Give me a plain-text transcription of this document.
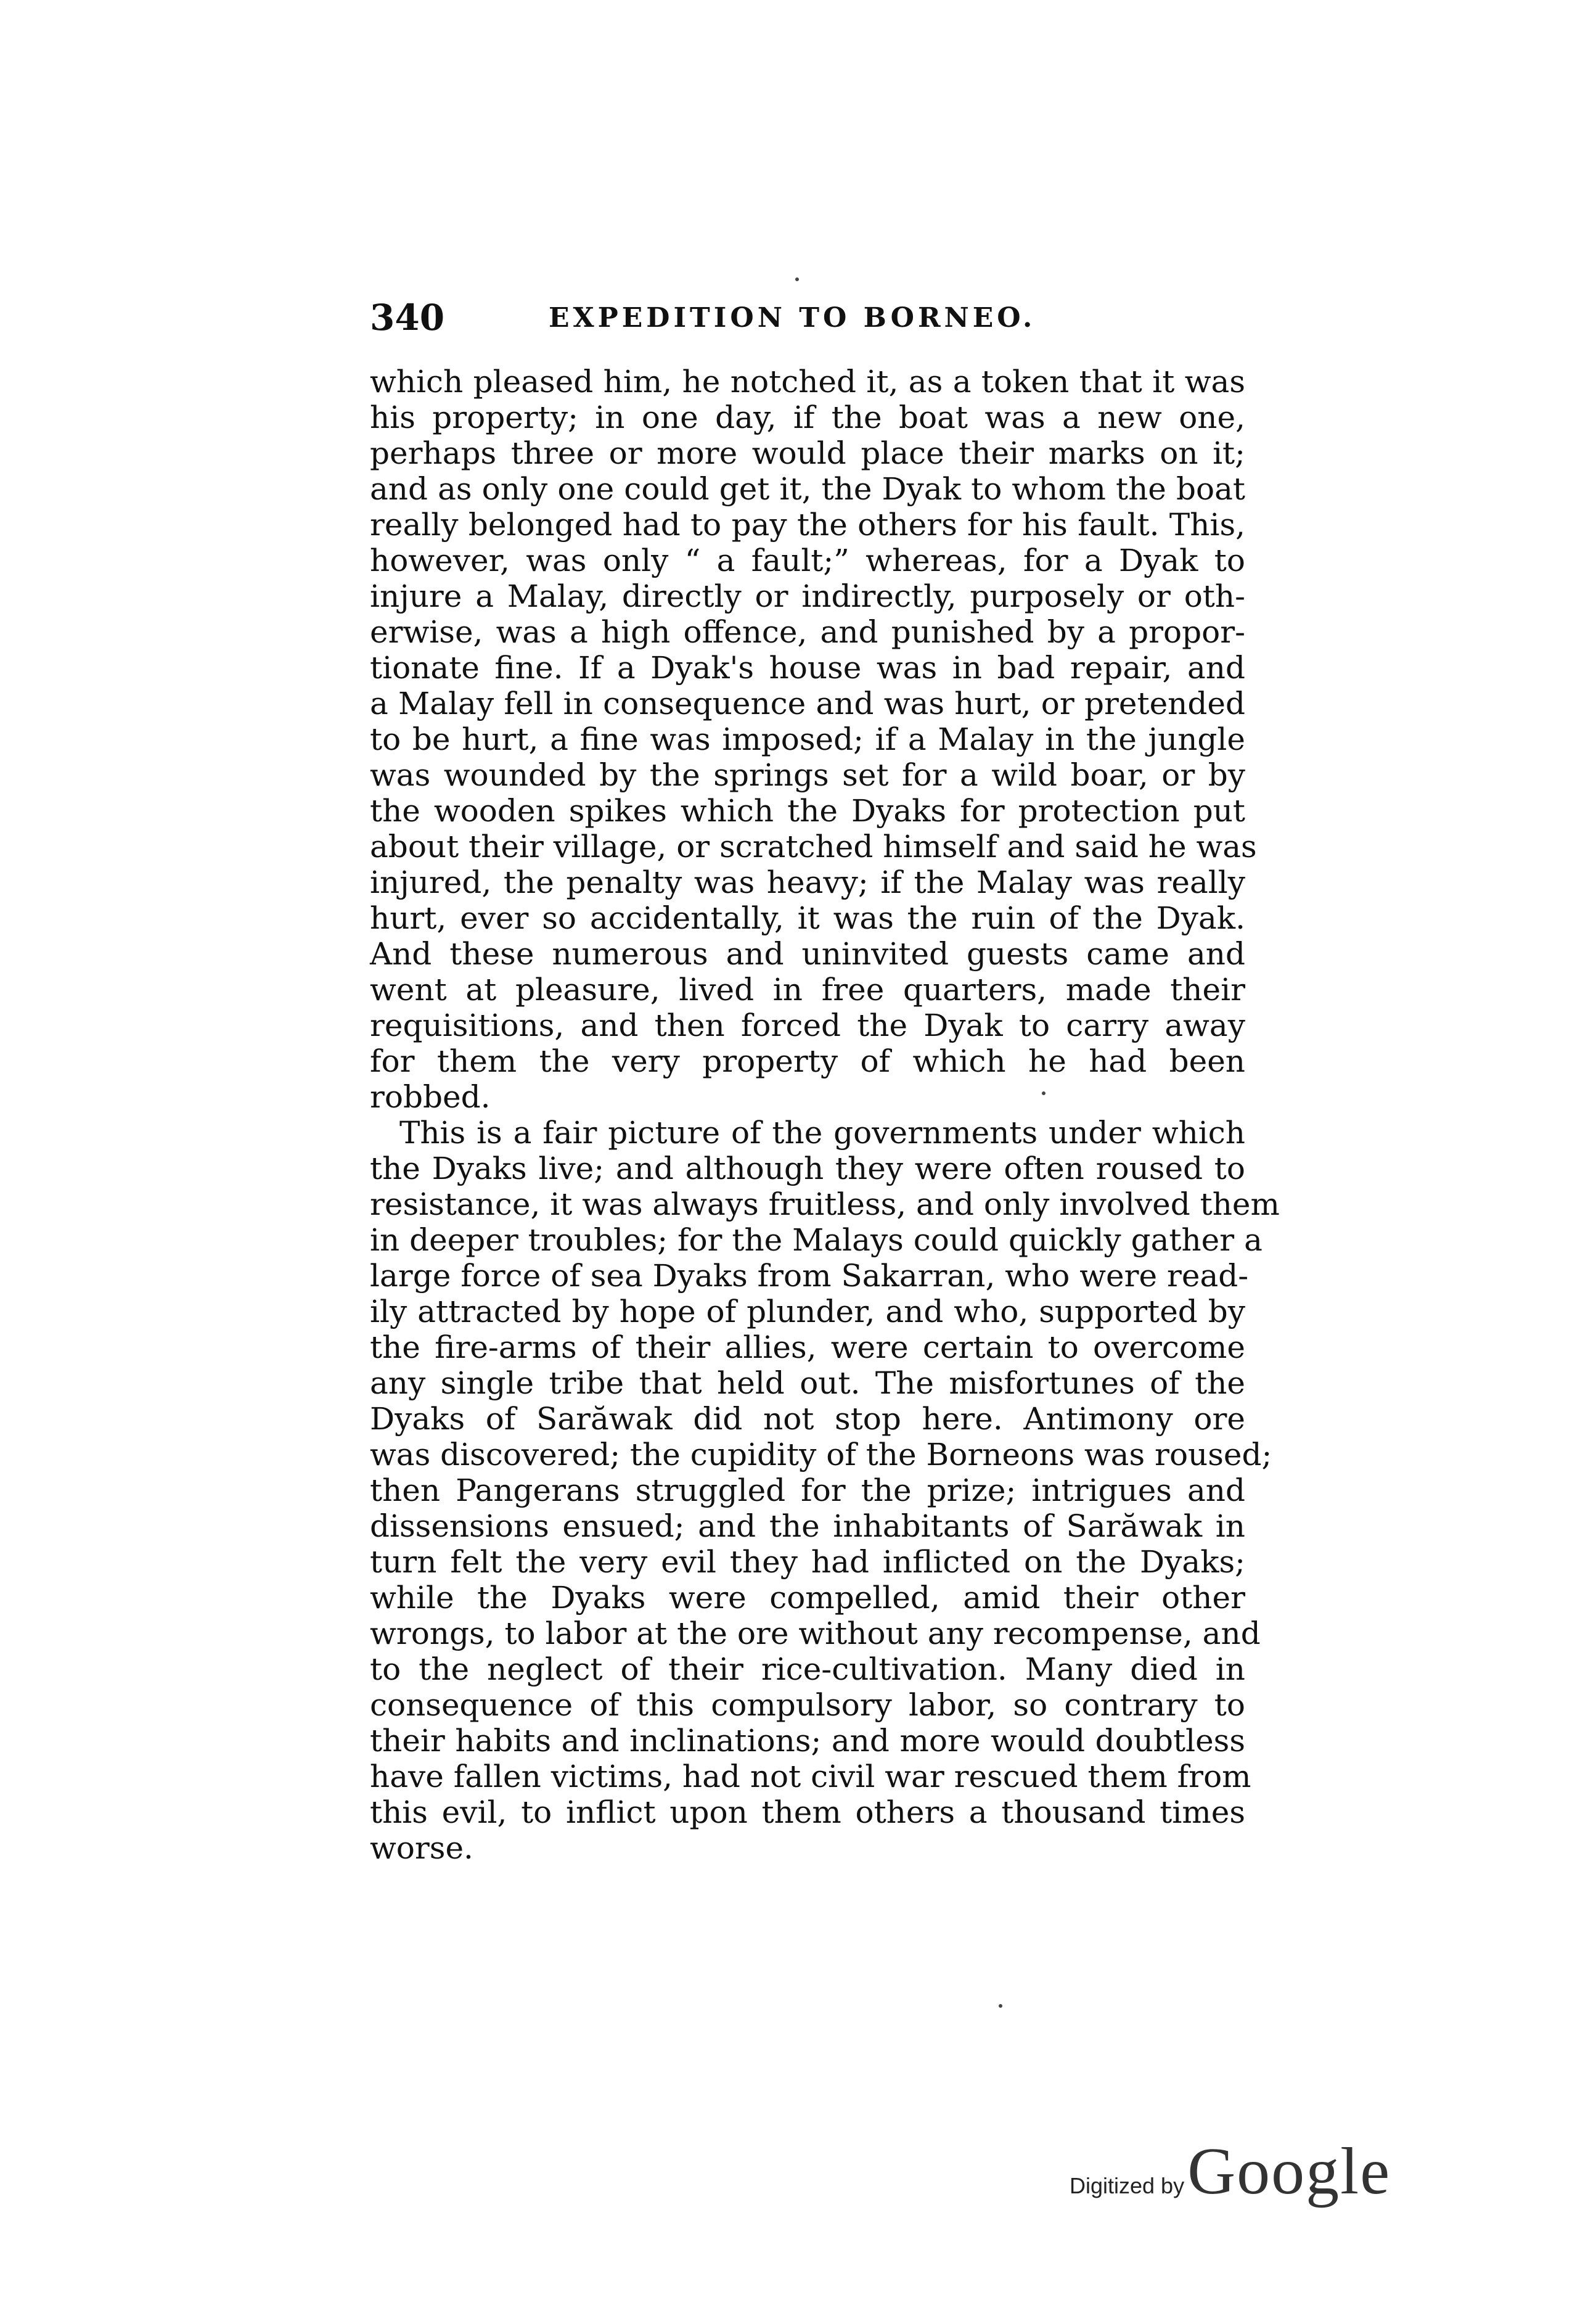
340	EXPEDITION TO BORNEO.
which pleased him, he notched it, as a token that it was
his property; in one day, if the boat was a new one,
perhaps three or more would place their marks on it;
and as only one could get it, the Dyak to whom the boat
really belonged had to pay the others for his fault. This,
however, was only “ a fault;” whereas, for a Dyak to
injure a Malay, directly or indirectly, purposely or oth-
erwise, was a high offence, and punished by a propor-
tionate fine. If a Dyak's house was in bad repair, and
a Malay fell in consequence and was hurt, or pretended
to be hurt, a fine was imposed; if a Malay in the jungle
was wounded by the springs set for a wild boar, or by
the wooden spikes which the Dyaks for protection put
about their village, or scratched himself and said he was
injured, the penalty was heavy; if the Malay was really
hurt, ever so accidentally, it was the ruin of the Dyak.
And these numerous and uninvited guests came and
went at pleasure, lived in free quarters, made their
requisitions, and then forced the Dyak to carry away
for them the very property of which he had been
robbed.
This is a fair picture of the governments under which
the Dyaks live; and although they were often roused to
resistance, it was always fruitless, and only involved them
in deeper troubles; for the Malays could quickly gather a
large force of sea Dyaks from Sakarran, who were read-
ily attracted by hope of plunder, and who, supported by
the fire-arms of their allies, were certain to overcome
any single tribe that held out. The misfortunes of the
Dyaks of Sarăwak did not stop here. Antimony ore
was discovered; the cupidity of the Borneons was roused;
then Pangerans struggled for the prize; intrigues and
dissensions ensued; and the inhabitants of Sarăwak in
turn felt the very evil they had inflicted on the Dyaks;
while the Dyaks were compelled, amid their other
wrongs, to labor at the ore without any recompense, and
to the neglect of their rice-cultivation. Many died in
consequence of this compulsory labor, so contrary to
their habits and inclinations; and more would doubtless
have fallen victims, had not civil war rescued them from
this evil, to inflict upon them others a thousand times
worse.
Digitized by Google
